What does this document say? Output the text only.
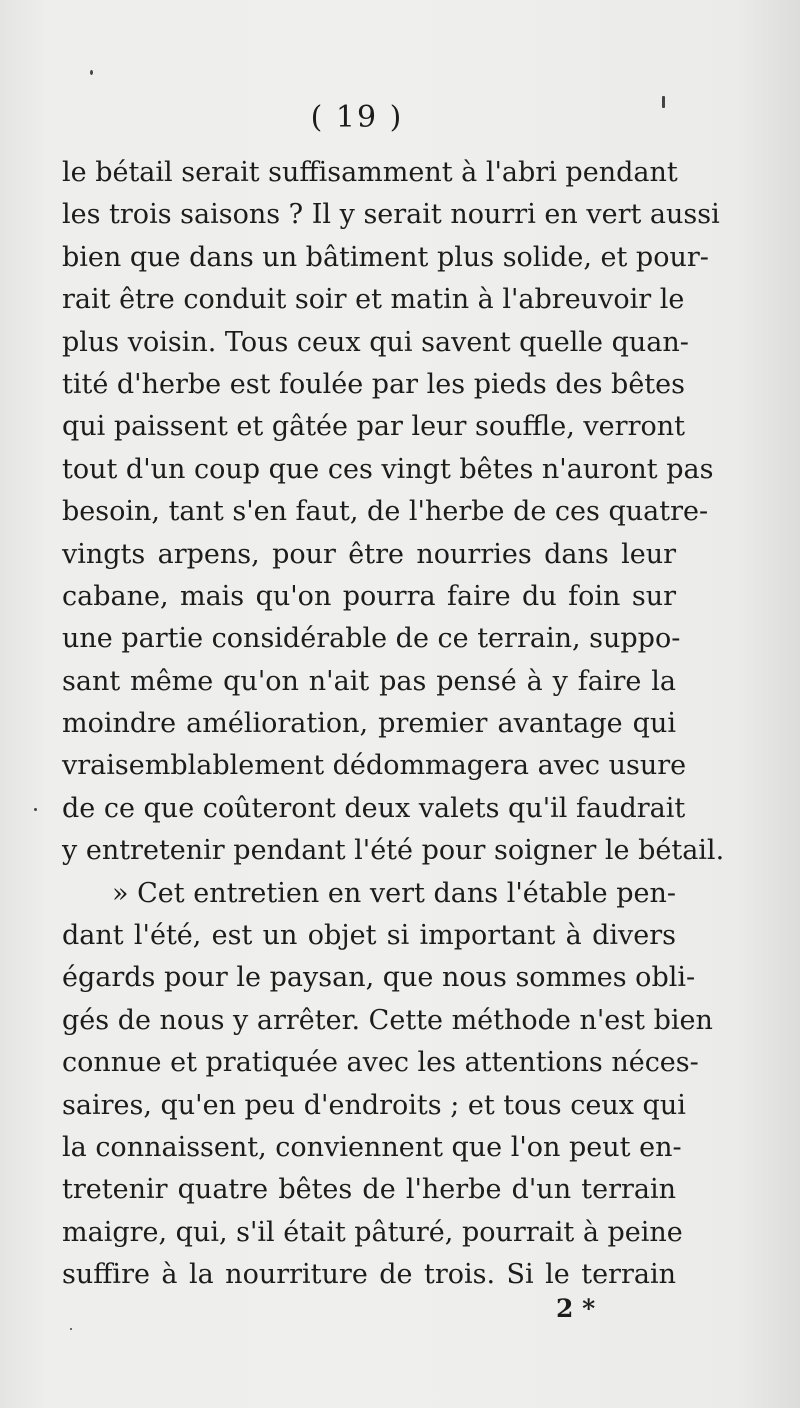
( 19 )
le bétail serait suffisamment à l'abri pendant
les trois saisons ? Il y serait nourri en vert aussi
bien que dans un bâtiment plus solide, et pour-
rait être conduit soir et matin à l'abreuvoir le
plus voisin. Tous ceux qui savent quelle quan-
tité d'herbe est foulée par les pieds des bêtes
qui paissent et gâtée par leur souffle, verront
tout d'un coup que ces vingt bêtes n'auront pas
besoin, tant s'en faut, de l'herbe de ces quatre-
vingts arpens, pour être nourries dans leur
cabane, mais qu'on pourra faire du foin sur
une partie considérable de ce terrain, suppo-
sant même qu'on n'ait pas pensé à y faire la
moindre amélioration, premier avantage qui
vraisemblablement dédommagera avec usure
de ce que coûteront deux valets qu'il faudrait
y entretenir pendant l'été pour soigner le bétail.
» Cet entretien en vert dans l'étable pen-
dant l'été, est un objet si important à divers
égards pour le paysan, que nous sommes obli-
gés de nous y arrêter. Cette méthode n'est bien
connue et pratiquée avec les attentions néces-
saires, qu'en peu d'endroits ; et tous ceux qui
la connaissent, conviennent que l'on peut en-
tretenir quatre bêtes de l'herbe d'un terrain
maigre, qui, s'il était pâturé, pourrait à peine
suffire à la nourriture de trois. Si le terrain
2 *
